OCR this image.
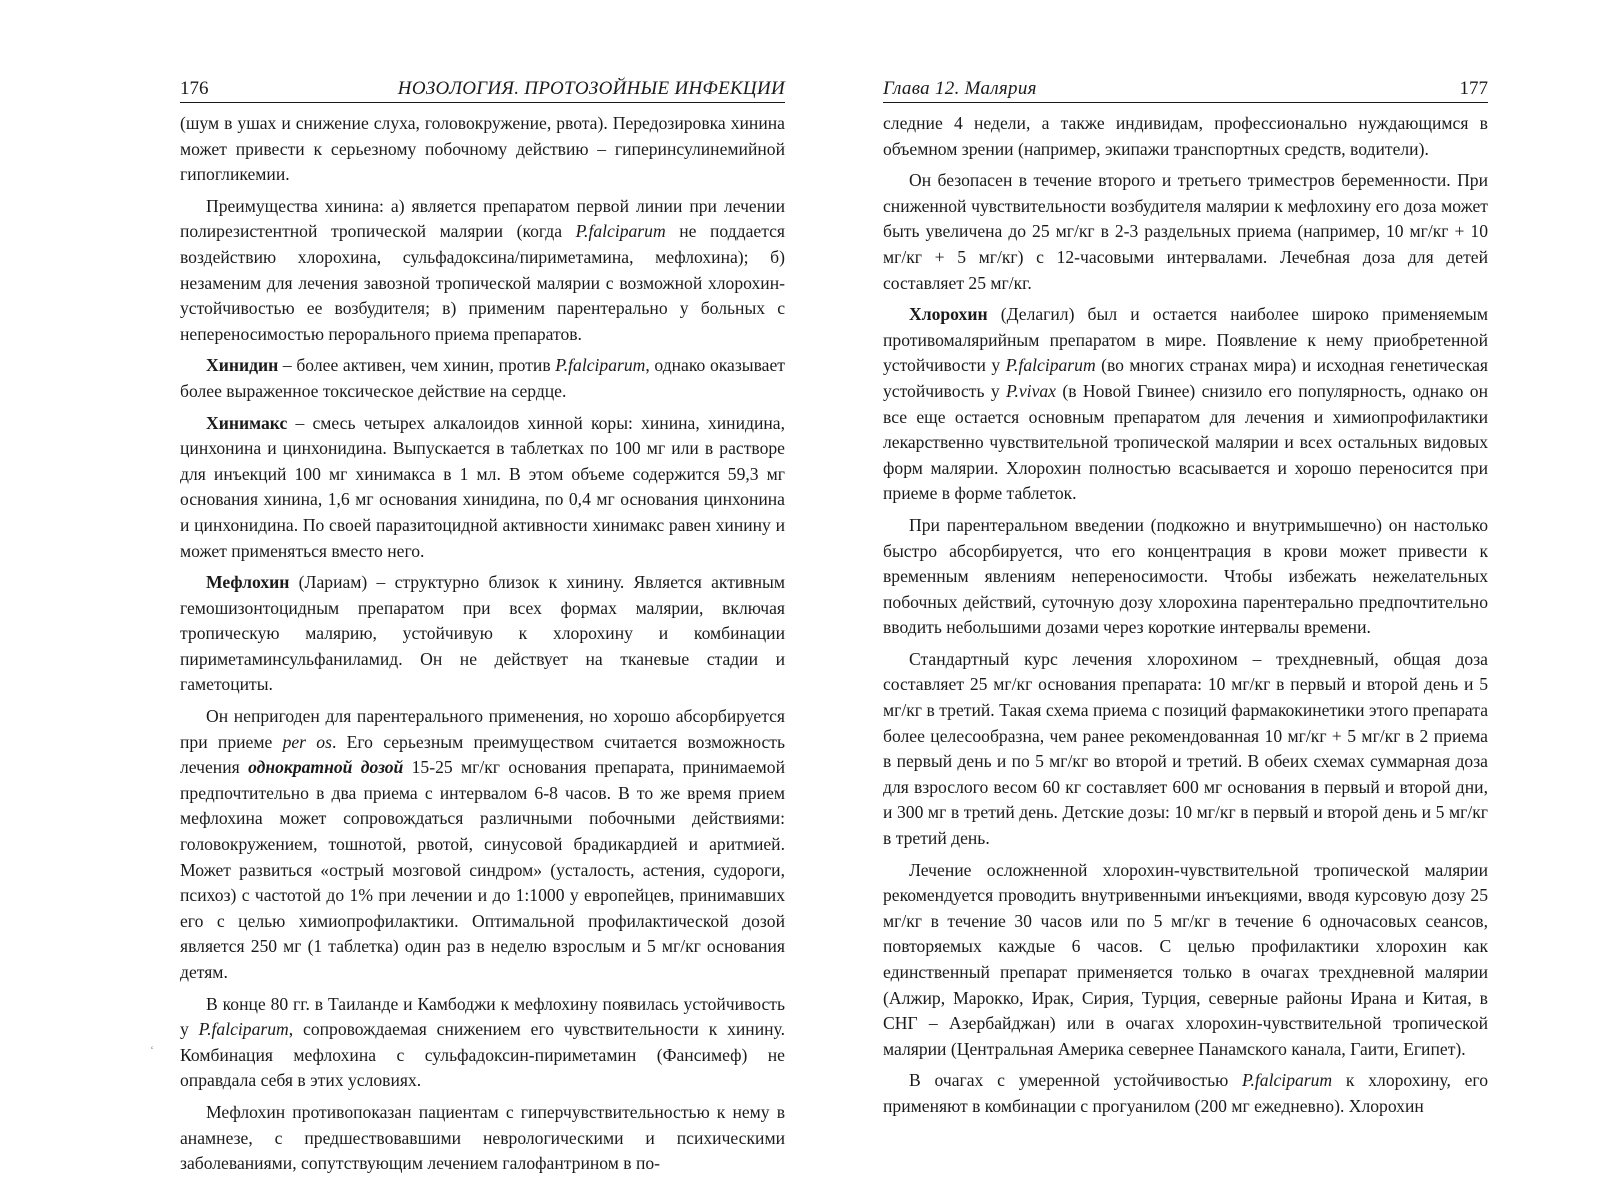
176	НОЗОЛОГИЯ. ПРОТОЗОЙНЫЕ ИНФЕКЦИИ

(шум в ушах и снижение слуха, головокружение, рвота). Передозировка хинина может привести к серьезному побочному действию – гиперинсулинемийной гипогликемии.

Преимущества хинина: а) является препаратом первой линии при лечении полирезистентной тропической малярии (когда P.falciparum не поддается воздействию хлорохина, сульфадоксина/пириметамина, мефлохина); б) незаменим для лечения завозной тропической малярии с возможной хлорохин-устойчивостью ее возбудителя; в) применим парентерально у больных с непереносимостью перорального приема препаратов.

Хинидин – более активен, чем хинин, против P.falciparum, однако оказывает более выраженное токсическое действие на сердце.

Хинимакс – смесь четырех алкалоидов хинной коры: хинина, хинидина, цинхонина и цинхонидина. Выпускается в таблетках по 100 мг или в растворе для инъекций 100 мг хинимакса в 1 мл. В этом объеме содержится 59,3 мг основания хинина, 1,6 мг основания хинидина, по 0,4 мг основания цинхонина и цинхонидина. По своей паразитоцидной активности хинимакс равен хинину и может применяться вместо него.

Мефлохин (Лариам) – структурно близок к хинину. Является активным гемошизонтоцидным препаратом при всех формах малярии, включая тропическую малярию, устойчивую к хлорохину и комбинации пириметаминсульфаниламид. Он не действует на тканевые стадии и гаметоциты.

Он непригоден для парентерального применения, но хорошо абсорбируется при приеме per os. Его серьезным преимуществом считается возможность лечения однократной дозой 15-25 мг/кг основания препарата, принимаемой предпочтительно в два приема с интервалом 6-8 часов. В то же время прием мефлохина может сопровождаться различными побочными действиями: головокружением, тошнотой, рвотой, синусовой брадикардией и аритмией. Может развиться «острый мозговой синдром» (усталость, астения, судороги, психоз) с частотой до 1% при лечении и до 1:1000 у европейцев, принимавших его с целью химиопрофилактики. Оптимальной профилактической дозой является 250 мг (1 таблетка) один раз в неделю взрослым и 5 мг/кг основания детям.

В конце 80 гг. в Таиланде и Камбоджи к мефлохину появилась устойчивость у P.falciparum, сопровождаемая снижением его чувствительности к хинину. Комбинация мефлохина с сульфадоксин-пириметамин (Фансимеф) не оправдала себя в этих условиях.

Мефлохин противопоказан пациентам с гиперчувствительностью к нему в анамнезе, с предшествовавшими неврологическими и психическими заболеваниями, сопутствующим лечением галофантрином в по-

ʻ
Глава 12. Малярия	177

следние 4 недели, а также индивидам, профессионально нуждающимся в объемном зрении (например, экипажи транспортных средств, водители).

Он безопасен в течение второго и третьего триместров беременности. При сниженной чувствительности возбудителя малярии к мефлохину его доза может быть увеличена до 25 мг/кг в 2-3 раздельных приема (например, 10 мг/кг + 10 мг/кг + 5 мг/кг) с 12-часовыми интервалами. Лечебная доза для детей составляет 25 мг/кг.

Хлорохин (Делагил) был и остается наиболее широко применяемым противомалярийным препаратом в мире. Появление к нему приобретенной устойчивости у P.falciparum (во многих странах мира) и исходная генетическая устойчивость у P.vivax (в Новой Гвинее) снизило его популярность, однако он все еще остается основным препаратом для лечения и химиопрофилактики лекарственно чувствительной тропической малярии и всех остальных видовых форм малярии. Хлорохин полностью всасывается и хорошо переносится при приеме в форме таблеток.

При парентеральном введении (подкожно и внутримышечно) он настолько быстро абсорбируется, что его концентрация в крови может привести к временным явлениям непереносимости. Чтобы избежать нежелательных побочных действий, суточную дозу хлорохина парентерально предпочтительно вводить небольшими дозами через короткие интервалы времени.

Стандартный курс лечения хлорохином – трехдневный, общая доза составляет 25 мг/кг основания препарата: 10 мг/кг в первый и второй день и 5 мг/кг в третий. Такая схема приема с позиций фармакокинетики этого препарата более целесообразна, чем ранее рекомендованная 10 мг/кг + 5 мг/кг в 2 приема в первый день и по 5 мг/кг во второй и третий. В обеих схемах суммарная доза для взрослого весом 60 кг составляет 600 мг основания в первый и второй дни, и 300 мг в третий день. Детские дозы: 10 мг/кг в первый и второй день и 5 мг/кг в третий день.

Лечение осложненной хлорохин-чувствительной тропической малярии рекомендуется проводить внутривенными инъекциями, вводя курсовую дозу 25 мг/кг в течение 30 часов или по 5 мг/кг в течение 6 одночасовых сеансов, повторяемых каждые 6 часов. С целью профилактики хлорохин как единственный препарат применяется только в очагах трехдневной малярии (Алжир, Марокко, Ирак, Сирия, Турция, северные районы Ирана и Китая, в СНГ – Азербайджан) или в очагах хлорохин-чувствительной тропической малярии (Центральная Америка севернее Панамского канала, Гаити, Египет).

В очагах с умеренной устойчивостью P.falciparum к хлорохину, его применяют в комбинации с прогуанилом (200 мг ежедневно). Хлорохин
